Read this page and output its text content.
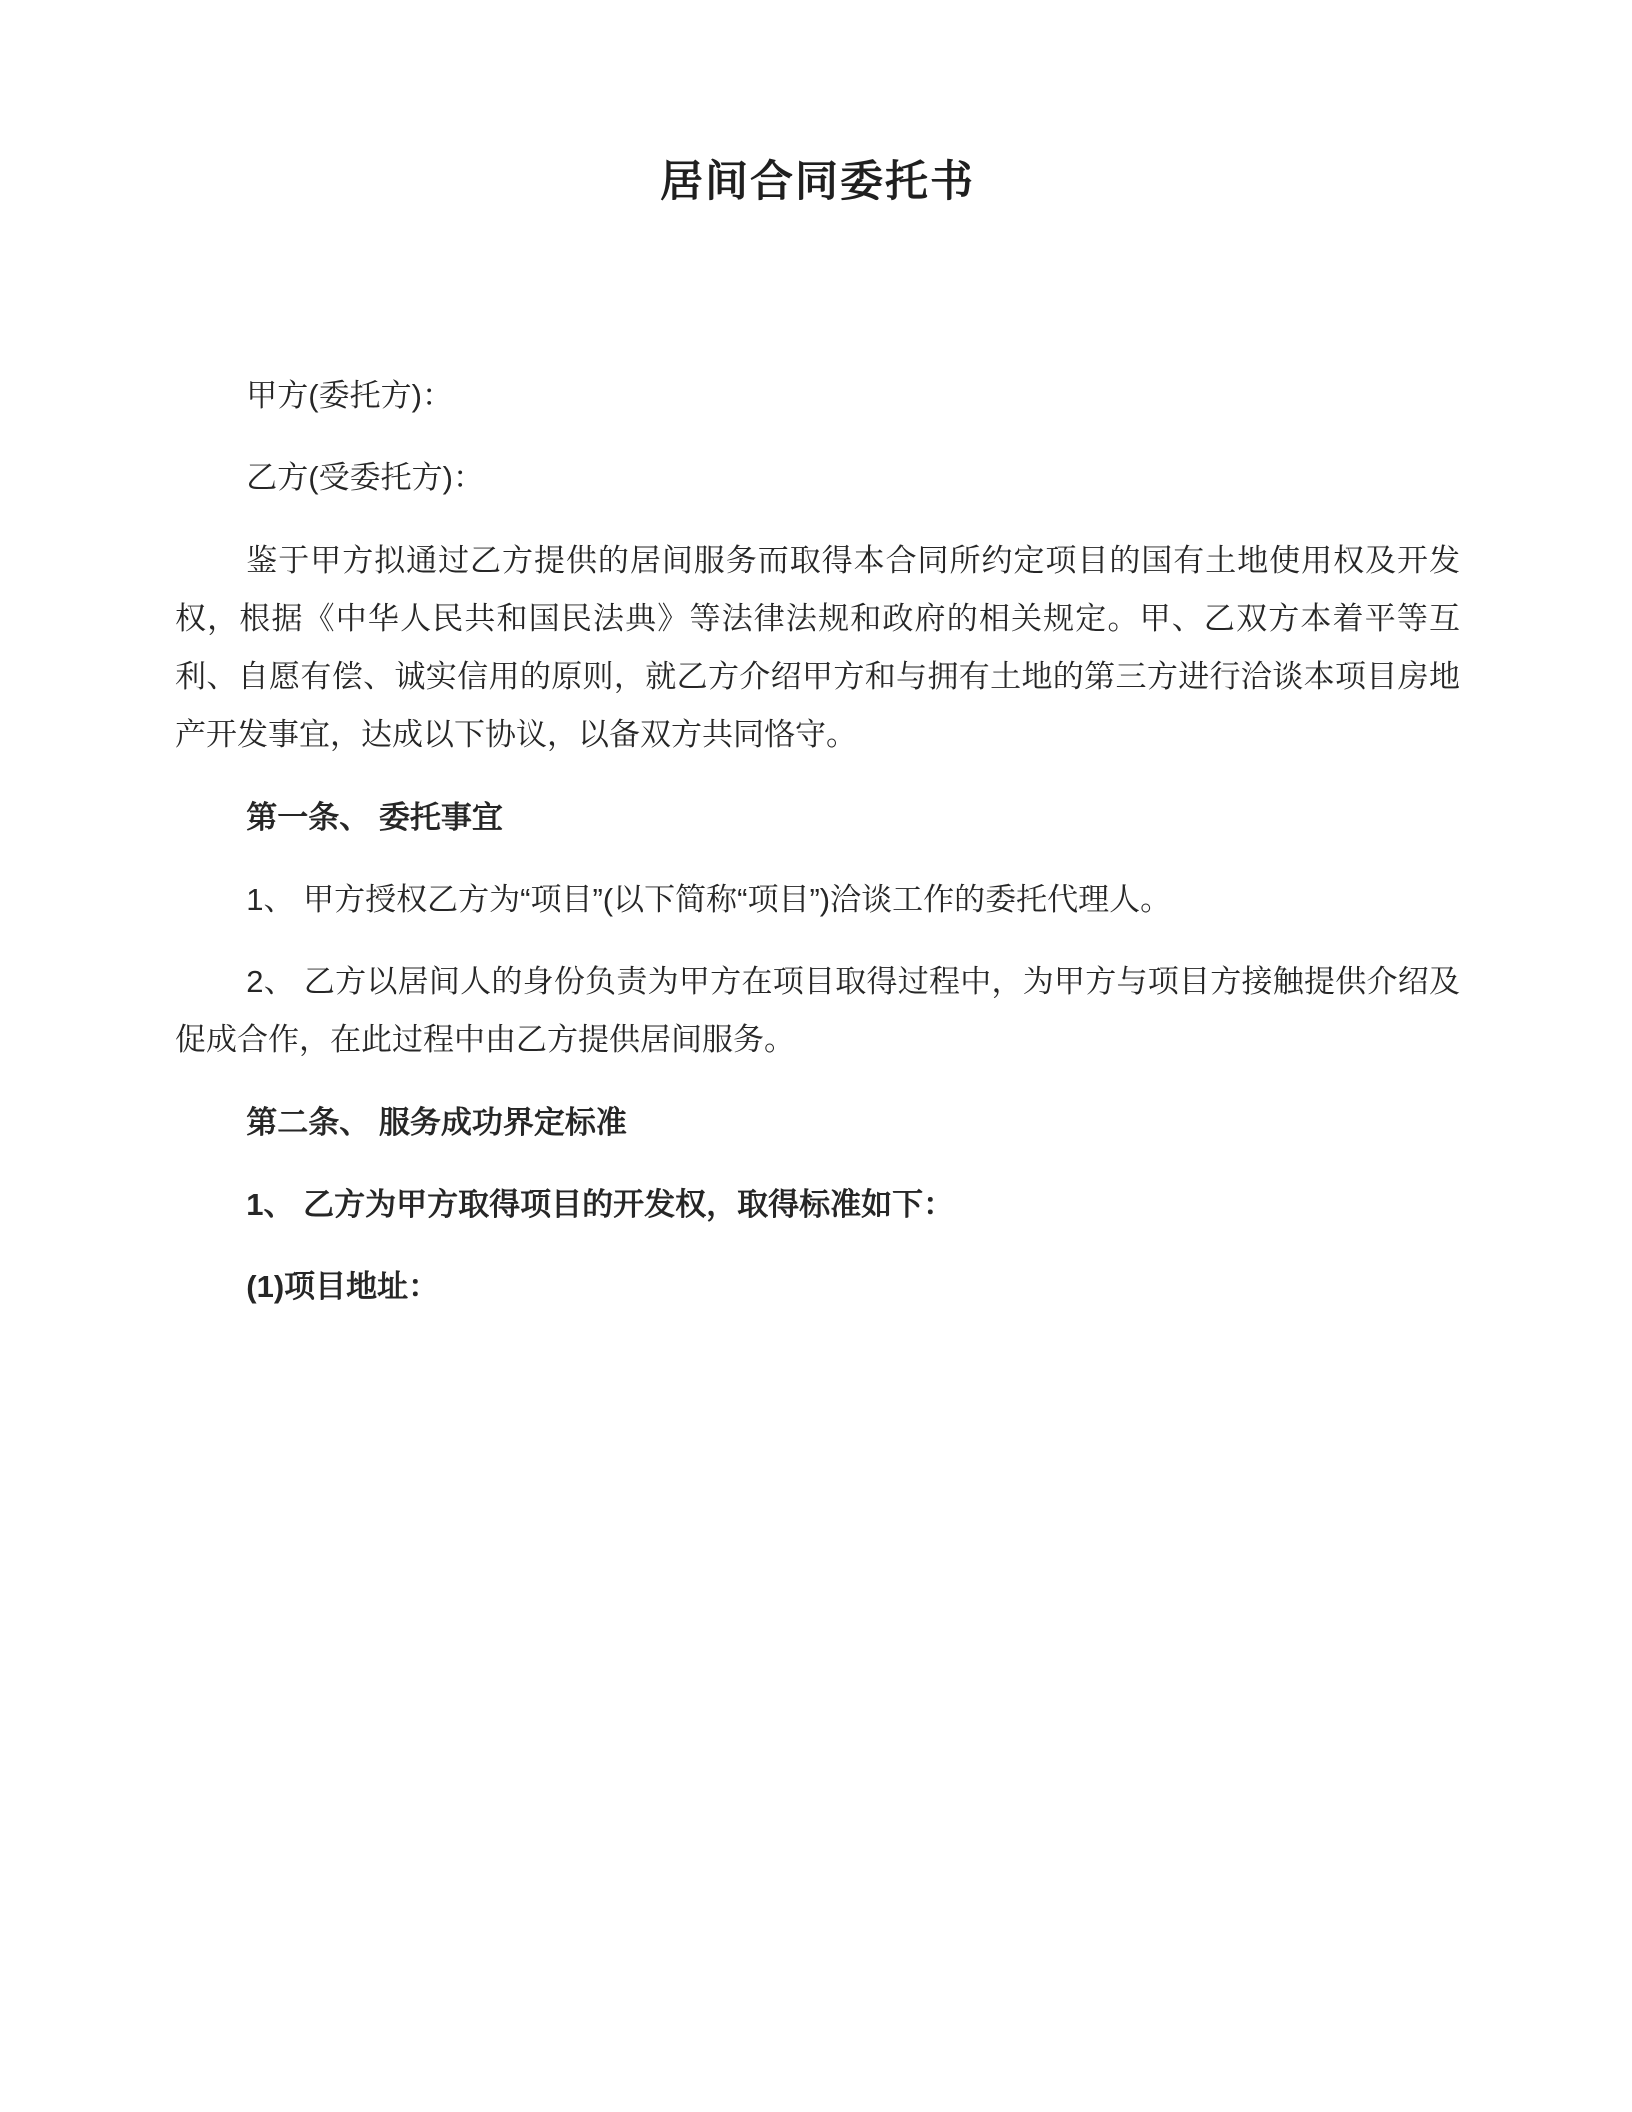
居间合同委托书

甲方(委托方)：

乙方(受委托方)：

鉴于甲方拟通过乙方提供的居间服务而取得本合同所约定项目的国有土地使用权及开发权，根据《中华人民共和国民法典》等法律法规和政府的相关规定。甲、乙双方本着平等互利、自愿有偿、诚实信用的原则，就乙方介绍甲方和与拥有土地的第三方进行洽谈本项目房地产开发事宜，达成以下协议，以备双方共同恪守。

第一条、 委托事宜

1、 甲方授权乙方为“项目”(以下简称“项目”)洽谈工作的委托代理人。

2、 乙方以居间人的身份负责为甲方在项目取得过程中，为甲方与项目方接触提供介绍及促成合作，在此过程中由乙方提供居间服务。

第二条、 服务成功界定标准

1、 乙方为甲方取得项目的开发权，取得标准如下：

(1)项目地址：
